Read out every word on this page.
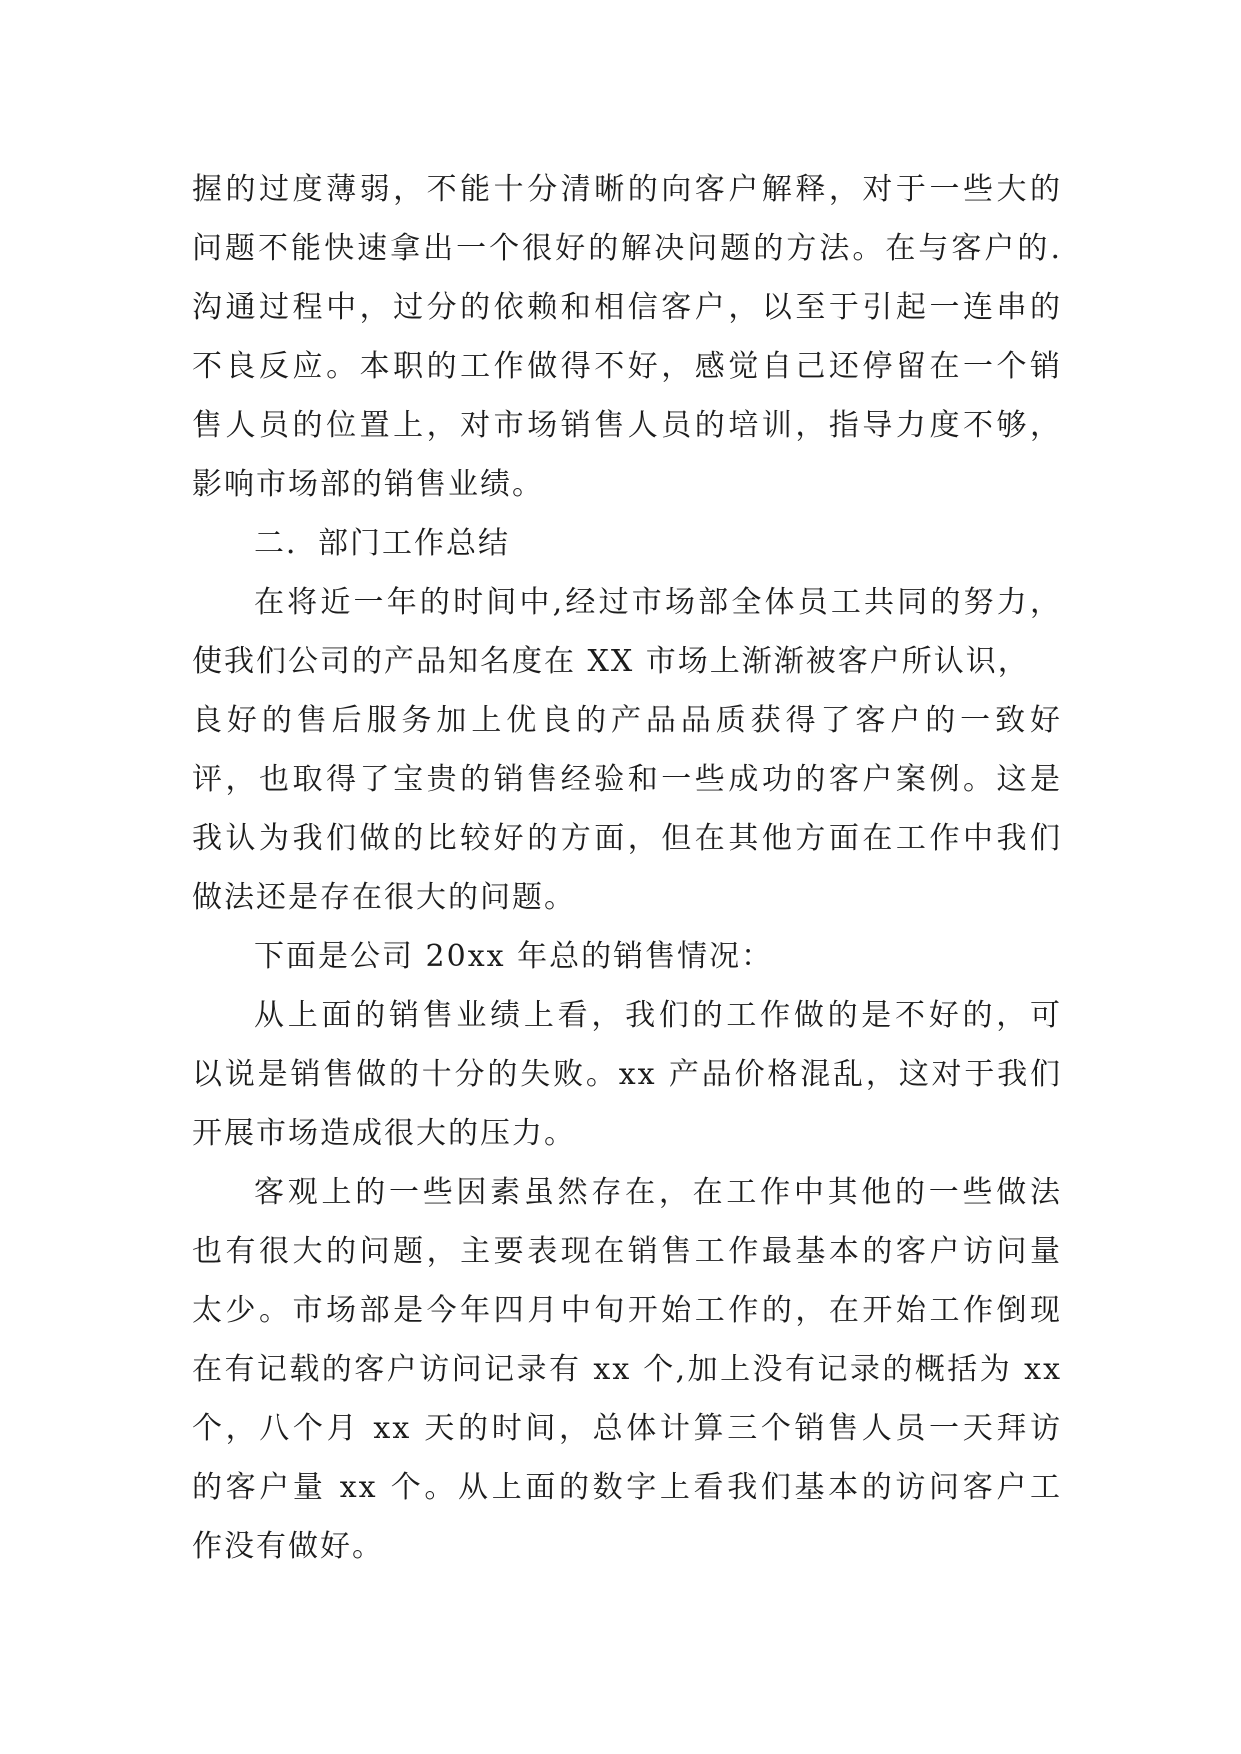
握的过度薄弱，不能十分清晰的向客户解释，对于一些大的
问题不能快速拿出一个很好的解决问题的方法。在与客户的.
沟通过程中，过分的依赖和相信客户，以至于引起一连串的
不良反应。本职的工作做得不好，感觉自己还停留在一个销
售人员的位置上，对市场销售人员的培训，指导力度不够，
影响市场部的销售业绩。
二．部门工作总结
在将近一年的时间中,经过市场部全体员工共同的努力，
使我们公司的产品知名度在 XX 市场上渐渐被客户所认识，
良好的售后服务加上优良的产品品质获得了客户的一致好
评，也取得了宝贵的销售经验和一些成功的客户案例。这是
我认为我们做的比较好的方面，但在其他方面在工作中我们
做法还是存在很大的问题。
下面是公司 20xx 年总的销售情况：
从上面的销售业绩上看，我们的工作做的是不好的，可
以说是销售做的十分的失败。xx 产品价格混乱，这对于我们
开展市场造成很大的压力。
客观上的一些因素虽然存在，在工作中其他的一些做法
也有很大的问题，主要表现在销售工作最基本的客户访问量
太少。市场部是今年四月中旬开始工作的，在开始工作倒现
在有记载的客户访问记录有 xx 个,加上没有记录的概括为 xx
个，八个月 xx 天的时间，总体计算三个销售人员一天拜访
的客户量 xx 个。从上面的数字上看我们基本的访问客户工
作没有做好。
